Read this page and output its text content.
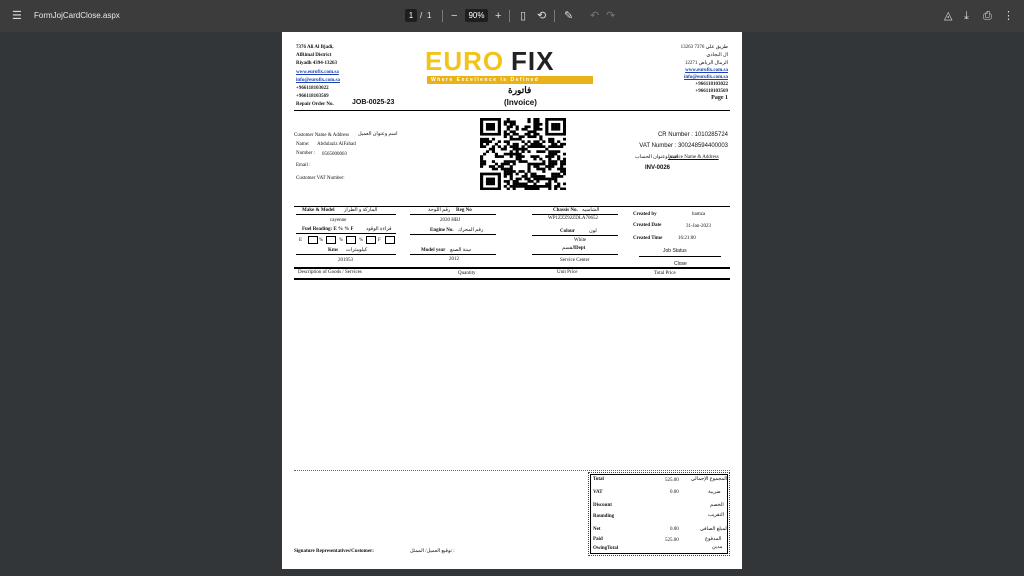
☰ FormJojCardClose.aspx	1 / 1 −	90% + ▯ ⟲ ✎ ↶ ↷	◬ ⤓ ⎙ ⋮
7376 Ali Al Bjadi,
AlRimal District
Riyadh 4394-13263
www.eurofix.com.sa
info@eurofix.com.sa
+966118103022
+966118103569
Repair Order No.	JOB-0025-23
EURO FIX
Where Excellence is Defined
فاتورة
(Invoice)
طريق علي 7376 13263
ال البجادي
الرمال الرياض 12271
www.eurofix.com.sa
info@eurofix.com.sa
+966118103022
+966118103569
Page 1
Customer Name & Address اسم وعنوان العميل
Name: Abdulaziz AlFahad
Number : 0565000003
Email :
Customer VAT Number:
CR Number : 1010285724
VAT Number : 300248594400003
اسم وعنوان الحساب
Invoice Name & Address
INV-0026
Make & Model الماركة و الطراز
cayenne
Fuel Reading: E % % F قراءة الوقود
E	%	%	%	F
Kms كيلومترات
201953
رقم اللوحة Reg No
2030 HBJ
Engine No. رقم المحرك
Model year سنة الصنع
2012
Chassis No. الشاسيه
WP1ZZZ92ZDLA70652
Colour	لون
White
القسم Dept
Service Center
Created by	hamza
Created Date	31-Jan-2023
Created Time	16:21:00
Job Status
Close
Description of Goods / Services	Quantity	Unit Price	Total Price
Total	525.00 المجموع الإجمالي
VAT	0.00	ضريبة
Discount	الخصم
Rounding	التقريب
Net	0.00	المبلغ الصافي
Paid	525.00	المدفوع
OwingTotal	مدين
Signature Representatives/Customer:	توقيع العميل/ الممثل :
